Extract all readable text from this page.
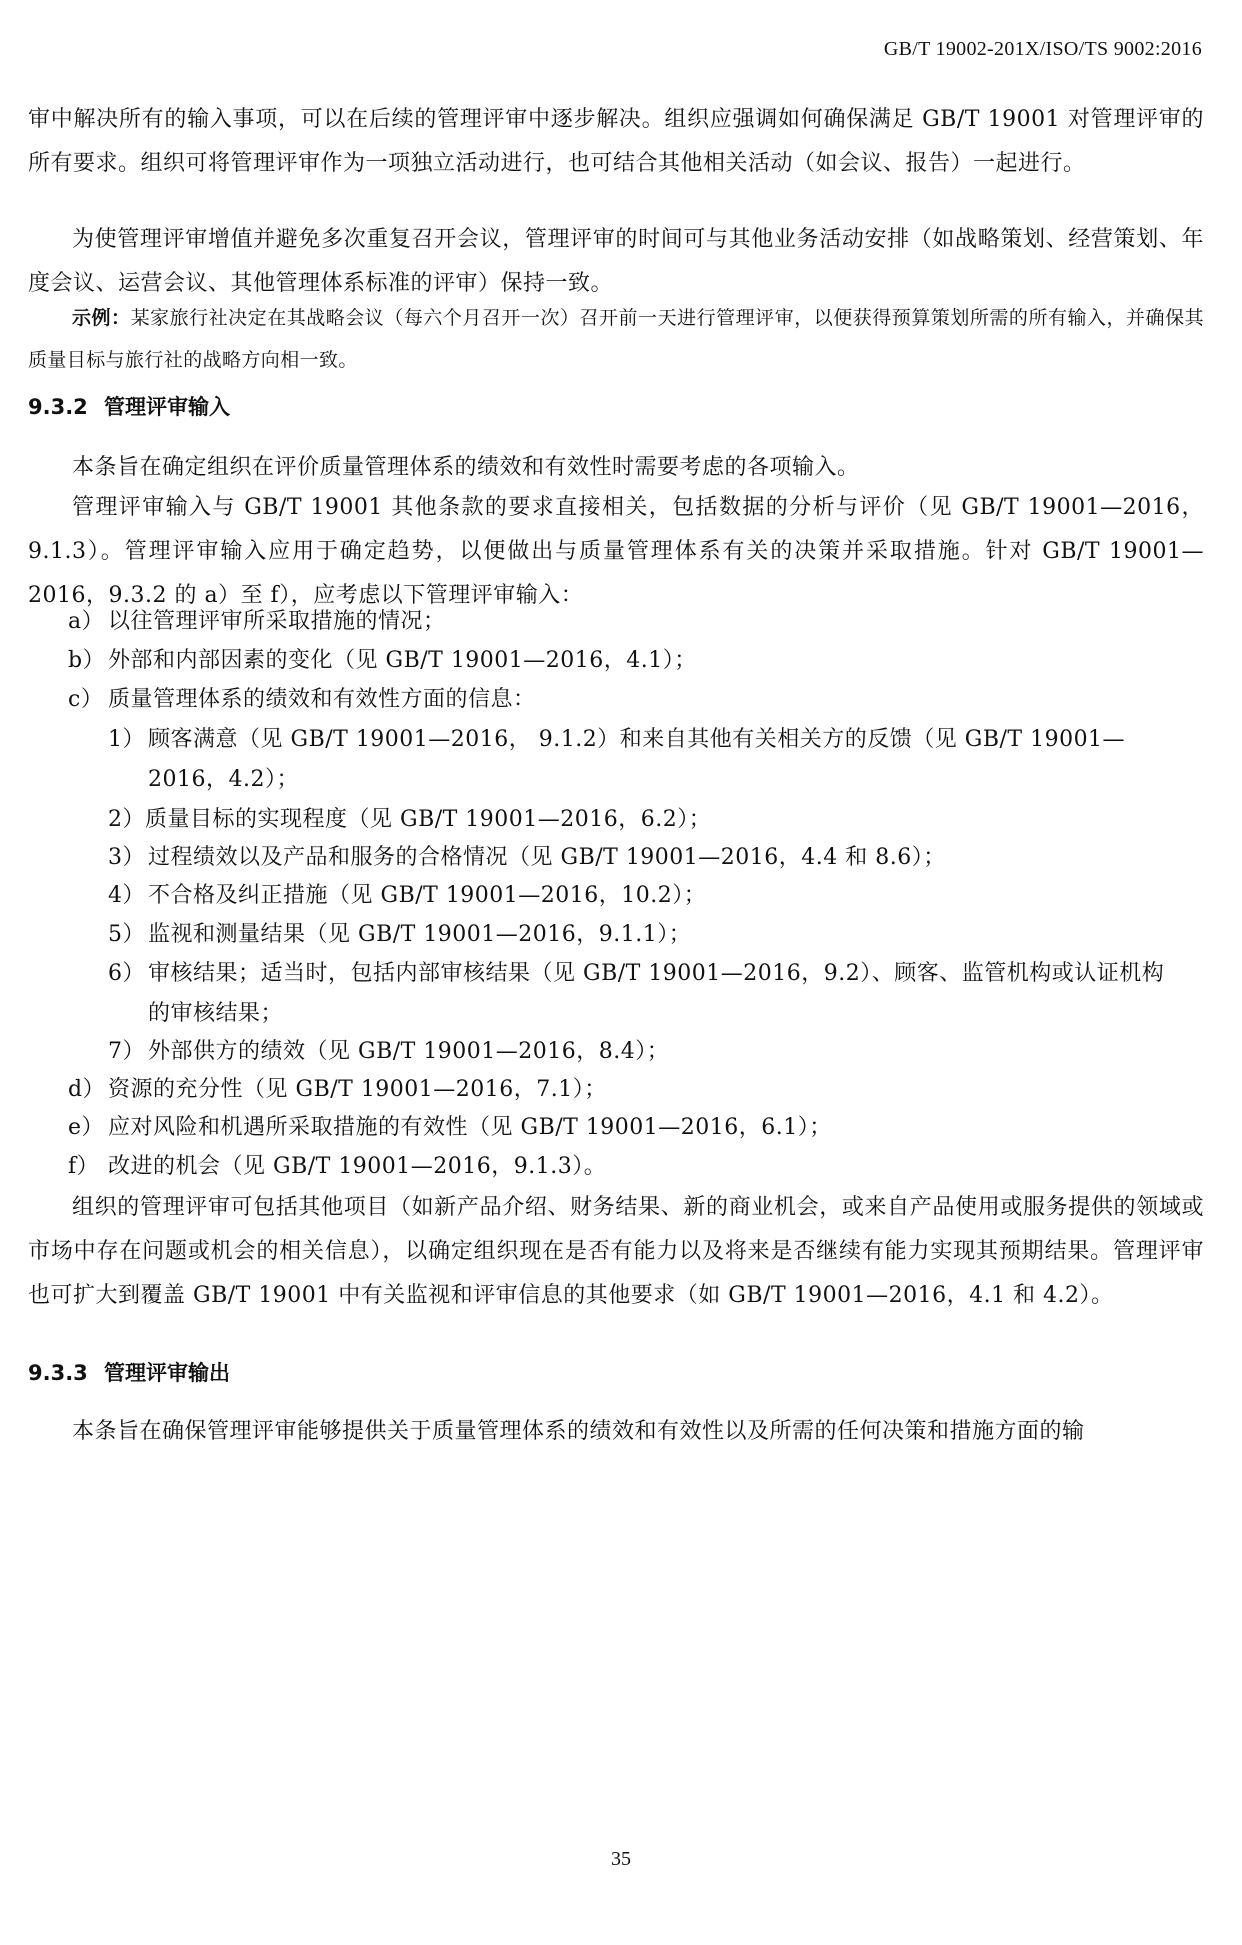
GB/T 19002-201X/ISO/TS 9002:2016
审中解决所有的输入事项，可以在后续的管理评审中逐步解决。组织应强调如何确保满足 GB/T 19001 对管理评审的所有要求。组织可将管理评审作为一项独立活动进行，也可结合其他相关活动（如会议、报告）一起进行。
为使管理评审增值并避免多次重复召开会议，管理评审的时间可与其他业务活动安排（如战略策划、经营策划、年度会议、运营会议、其他管理体系标准的评审）保持一致。
示例：某家旅行社决定在其战略会议（每六个月召开一次）召开前一天进行管理评审，以便获得预算策划所需的所有输入，并确保其质量目标与旅行社的战略方向相一致。
9.3.2 管理评审输入
本条旨在确定组织在评价质量管理体系的绩效和有效性时需要考虑的各项输入。
管理评审输入与 GB/T 19001 其他条款的要求直接相关，包括数据的分析与评价（见 GB/T 19001—2016，9.1.3）。管理评审输入应用于确定趋势，以便做出与质量管理体系有关的决策并采取措施。针对 GB/T 19001—2016，9.3.2 的 a）至 f），应考虑以下管理评审输入：
a） 以往管理评审所采取措施的情况；
b） 外部和内部因素的变化（见 GB/T 19001—2016，4.1）；
c） 质量管理体系的绩效和有效性方面的信息：
1） 顾客满意（见 GB/T 19001—2016， 9.1.2）和来自其他有关相关方的反馈（见 GB/T 19001—2016，4.2）；
2）质量目标的实现程度（见 GB/T 19001—2016，6.2）；
3） 过程绩效以及产品和服务的合格情况（见 GB/T 19001—2016，4.4 和 8.6）；
4） 不合格及纠正措施（见 GB/T 19001—2016，10.2）；
5） 监视和测量结果（见 GB/T 19001—2016，9.1.1）；
6） 审核结果；适当时，包括内部审核结果（见 GB/T 19001—2016，9.2）、顾客、监管机构或认证机构的审核结果；
7） 外部供方的绩效（见 GB/T 19001—2016，8.4）；
d） 资源的充分性（见 GB/T 19001—2016，7.1）；
e） 应对风险和机遇所采取措施的有效性（见 GB/T 19001—2016，6.1）；
f） 改进的机会（见 GB/T 19001—2016，9.1.3）。
组织的管理评审可包括其他项目（如新产品介绍、财务结果、新的商业机会，或来自产品使用或服务提供的领域或市场中存在问题或机会的相关信息），以确定组织现在是否有能力以及将来是否继续有能力实现其预期结果。管理评审也可扩大到覆盖 GB/T 19001 中有关监视和评审信息的其他要求（如 GB/T 19001—2016，4.1 和 4.2）。
9.3.3 管理评审输出
本条旨在确保管理评审能够提供关于质量管理体系的绩效和有效性以及所需的任何决策和措施方面的输
35
